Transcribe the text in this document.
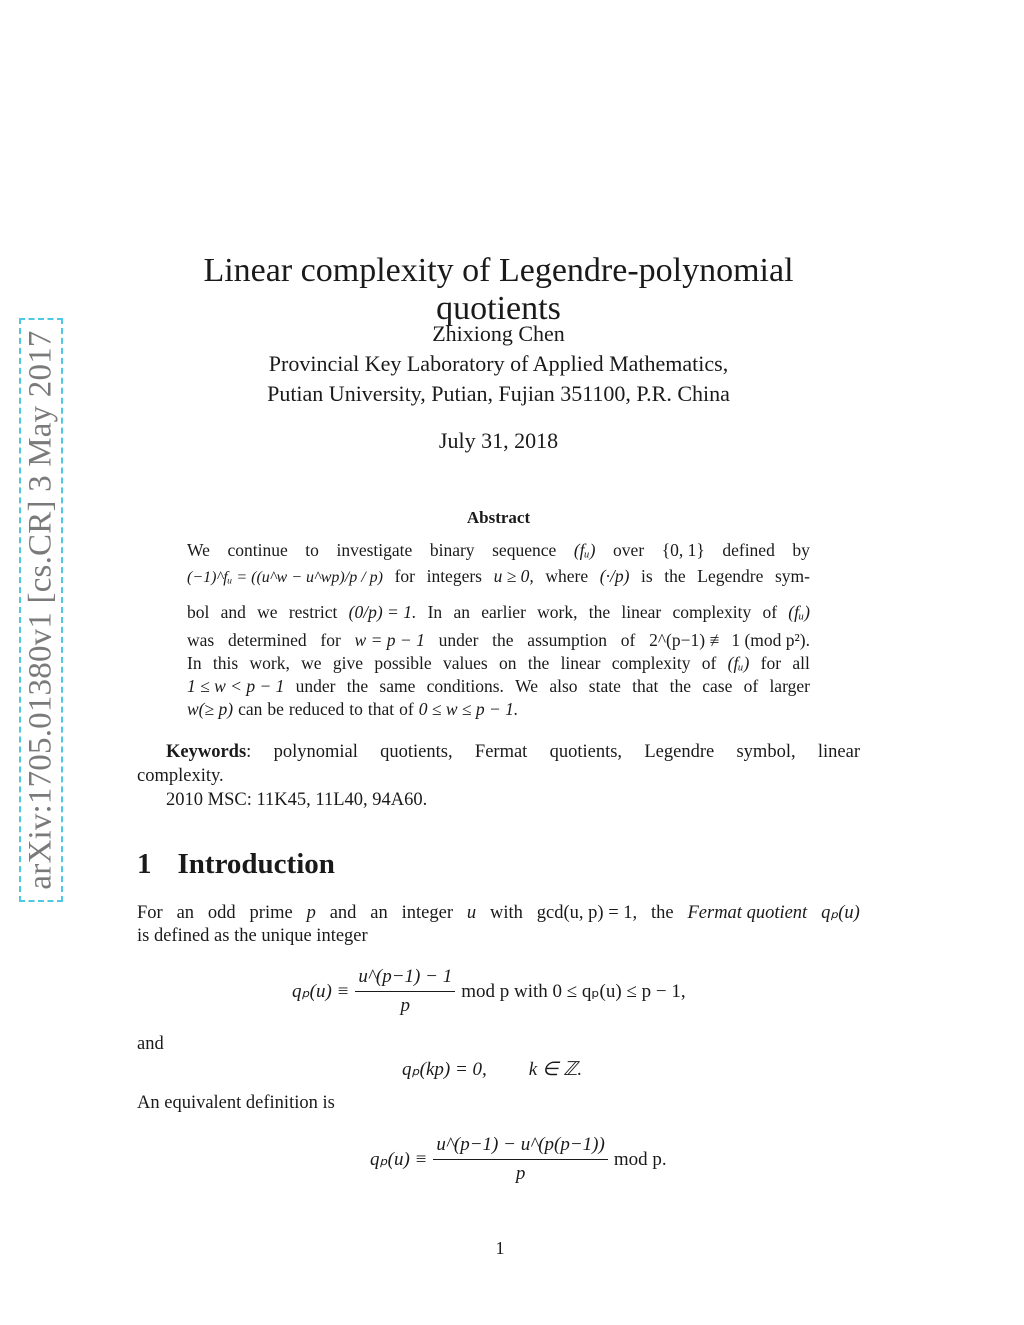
arXiv:1705.01380v1 [cs.CR] 3 May 2017
Linear complexity of Legendre-polynomial quotients
Zhixiong Chen
Provincial Key Laboratory of Applied Mathematics,
Putian University, Putian, Fujian 351100, P.R. China
July 31, 2018
Abstract
We continue to investigate binary sequence (fᵤ) over {0, 1} defined by
(−1)^fᵤ = ((u^w − u^wp)/p / p) for integers u ≥ 0, where (·/p) is the Legendre sym-
bol and we restrict (0/p) = 1. In an earlier work, the linear complexity of (fᵤ)
was determined for w = p − 1 under the assumption of 2^(p−1) ≢ 1 (mod p²).
In this work, we give possible values on the linear complexity of (fᵤ) for all
1 ≤ w < p − 1 under the same conditions. We also state that the case of larger
w(≥ p) can be reduced to that of 0 ≤ w ≤ p − 1.
Keywords: polynomial quotients, Fermat quotients, Legendre symbol, linear
complexity.
2010 MSC: 11K45, 11L40, 94A60.
1 Introduction
For an odd prime p and an integer u with gcd(u, p) = 1, the Fermat quotient qₚ(u)
is defined as the unique integer
$q_p(u) \equiv \frac{u\^{}(p-1) - 1}{p}$ mod p with 0 ≤ qₚ(u) ≤ p − 1,
and
qₚ(kp) = 0, k ∈ ℤ.
An equivalent definition is
$q_p(u) \equiv \frac{u\^{}(p-1) - u\^{}(p(p-1))}{p}$ mod p.
1
